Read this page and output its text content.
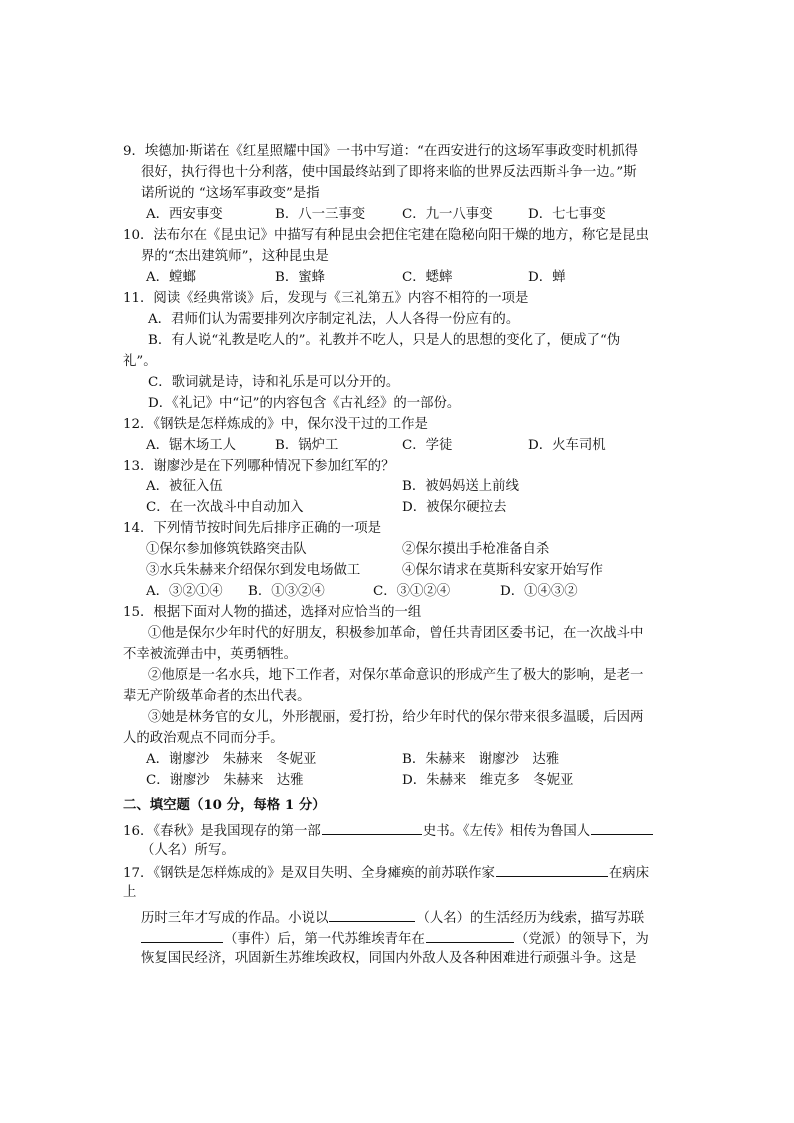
9．埃德加·斯诺在《红星照耀中国》一书中写道：“在西安进行的这场军事政变时机抓得
很好，执行得也十分利落，使中国最终站到了即将来临的世界反法西斯斗争一边。”斯
诺所说的 “这场军事政变”是指
A．西安事变	B．八一三事变	C．九一八事变	D．七七事变
10．法布尔在《昆虫记》中描写有种昆虫会把住宅建在隐秘向阳干燥的地方，称它是昆虫
界的“杰出建筑师”，这种昆虫是
A．螳螂	B．蜜蜂	C．蟋蟀	D．蝉
11．阅读《经典常谈》后，发现与《三礼第五》内容不相符的一项是
A．君师们认为需要排列次序制定礼法，人人各得一份应有的。
B．有人说“礼教是吃人的”。礼教并不吃人，只是人的思想的变化了，便成了“伪
礼”。
C．歌词就是诗，诗和礼乐是可以分开的。
D．《礼记》中“记”的内容包含《古礼经》的一部份。
12．《钢铁是怎样炼成的》中，保尔没干过的工作是
A．锯木场工人	B．锅炉工	C．学徒	D．火车司机
13．谢廖沙是在下列哪种情况下参加红军的？
A．被征入伍	B．被妈妈送上前线
C．在一次战斗中自动加入	D．被保尔硬拉去
14．下列情节按时间先后排序正确的一项是
①保尔参加修筑铁路突击队	②保尔摸出手枪准备自杀
③水兵朱赫来介绍保尔到发电场做工	④保尔请求在莫斯科安家开始写作
A．③②①④ B．①③②④	C．③①②④	D．①④③②
15．根据下面对人物的描述，选择对应恰当的一组
①他是保尔少年时代的好朋友，积极参加革命，曾任共青团区委书记，在一次战斗中
不幸被流弹击中，英勇牺牲。
②他原是一名水兵，地下工作者，对保尔革命意识的形成产生了极大的影响，是老一
辈无产阶级革命者的杰出代表。
③她是林务官的女儿，外形靓丽，爱打扮，给少年时代的保尔带来很多温暖，后因两
人的政治观点不同而分手。
A．谢廖沙　朱赫来　冬妮亚	B．朱赫来　谢廖沙　达雅
C．谢廖沙　朱赫来　达雅	D．朱赫来　维克多　冬妮亚
二、填空题（10 分，每格 1 分）
16．《春秋》是我国现存的第一部	史书。《左传》相传为鲁国人
（人名）所写。
17．《钢铁是怎样炼成的》是双目失明、全身瘫痪的前苏联作家	在病床
上
历时三年才写成的作品。小说以	（人名）的生活经历为线索，描写苏联
（事件）后，第一代苏维埃青年在	（党派）的领导下，为
恢复国民经济，巩固新生苏维埃政权，同国内外敌人及各种困难进行顽强斗争。这是
